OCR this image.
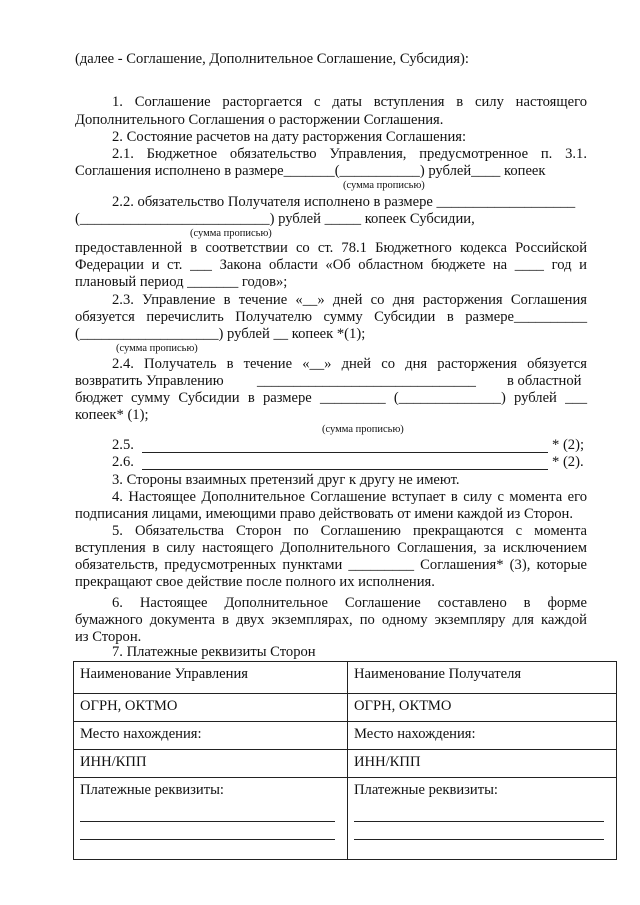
(далее - Соглашение, Дополнительное Соглашение, Субсидия):
1. Соглашение расторгается с даты вступления в силу настоящего
Дополнительного Соглашения о расторжении Соглашения.
2. Состояние расчетов на дату расторжения Соглашения:
2.1. Бюджетное обязательство Управления, предусмотренное п. 3.1.
Соглашения исполнено в размере_______(___________) рублей____ копеек
(сумма прописью)
2.2. обязательство Получателя исполнено в размере ___________________
(__________________________) рублей _____ копеек Субсидии,
(сумма прописью)
предоставленной в соответствии со ст. 78.1 Бюджетного кодекса Российской
Федерации и ст. ___ Закона области «Об областном бюджете на ____ год и
плановый период _______ годов»;
2.3. Управление в течение «__» дней со дня расторжения Соглашения
обязуется перечислить Получателю сумму Субсидии в размере__________
(___________________) рублей __ копеек *(1);
(сумма прописью)
2.4. Получатель в течение «__» дней со дня расторжения обязуется
возвратить Управлению ______________________________ в областной
бюджет сумму Субсидии в размере _________ (______________) рублей ___
копеек* (1);
(сумма прописью)
2.5.	* (2);
2.6.	* (2).
3. Стороны взаимных претензий друг к другу не имеют.
4. Настоящее Дополнительное Соглашение вступает в силу с момента его
подписания лицами, имеющими право действовать от имени каждой из Сторон.
5. Обязательства Сторон по Соглашению прекращаются с момента
вступления в силу настоящего Дополнительного Соглашения, за исключением
обязательств, предусмотренных пунктами _________ Соглашения* (3), которые
прекращают свое действие после полного их исполнения.
6. Настоящее Дополнительное Соглашение составлено в форме
бумажного документа в двух экземплярах, по одному экземпляру для каждой
из Сторон.
7. Платежные реквизиты Сторон
Наименование Управления	Наименование Получателя
ОГРН, ОКТМО	ОГРН, ОКТМО
Место нахождения:	Место нахождения:
ИНН/КПП	ИНН/КПП

Платежные реквизиты:	Платежные реквизиты:
